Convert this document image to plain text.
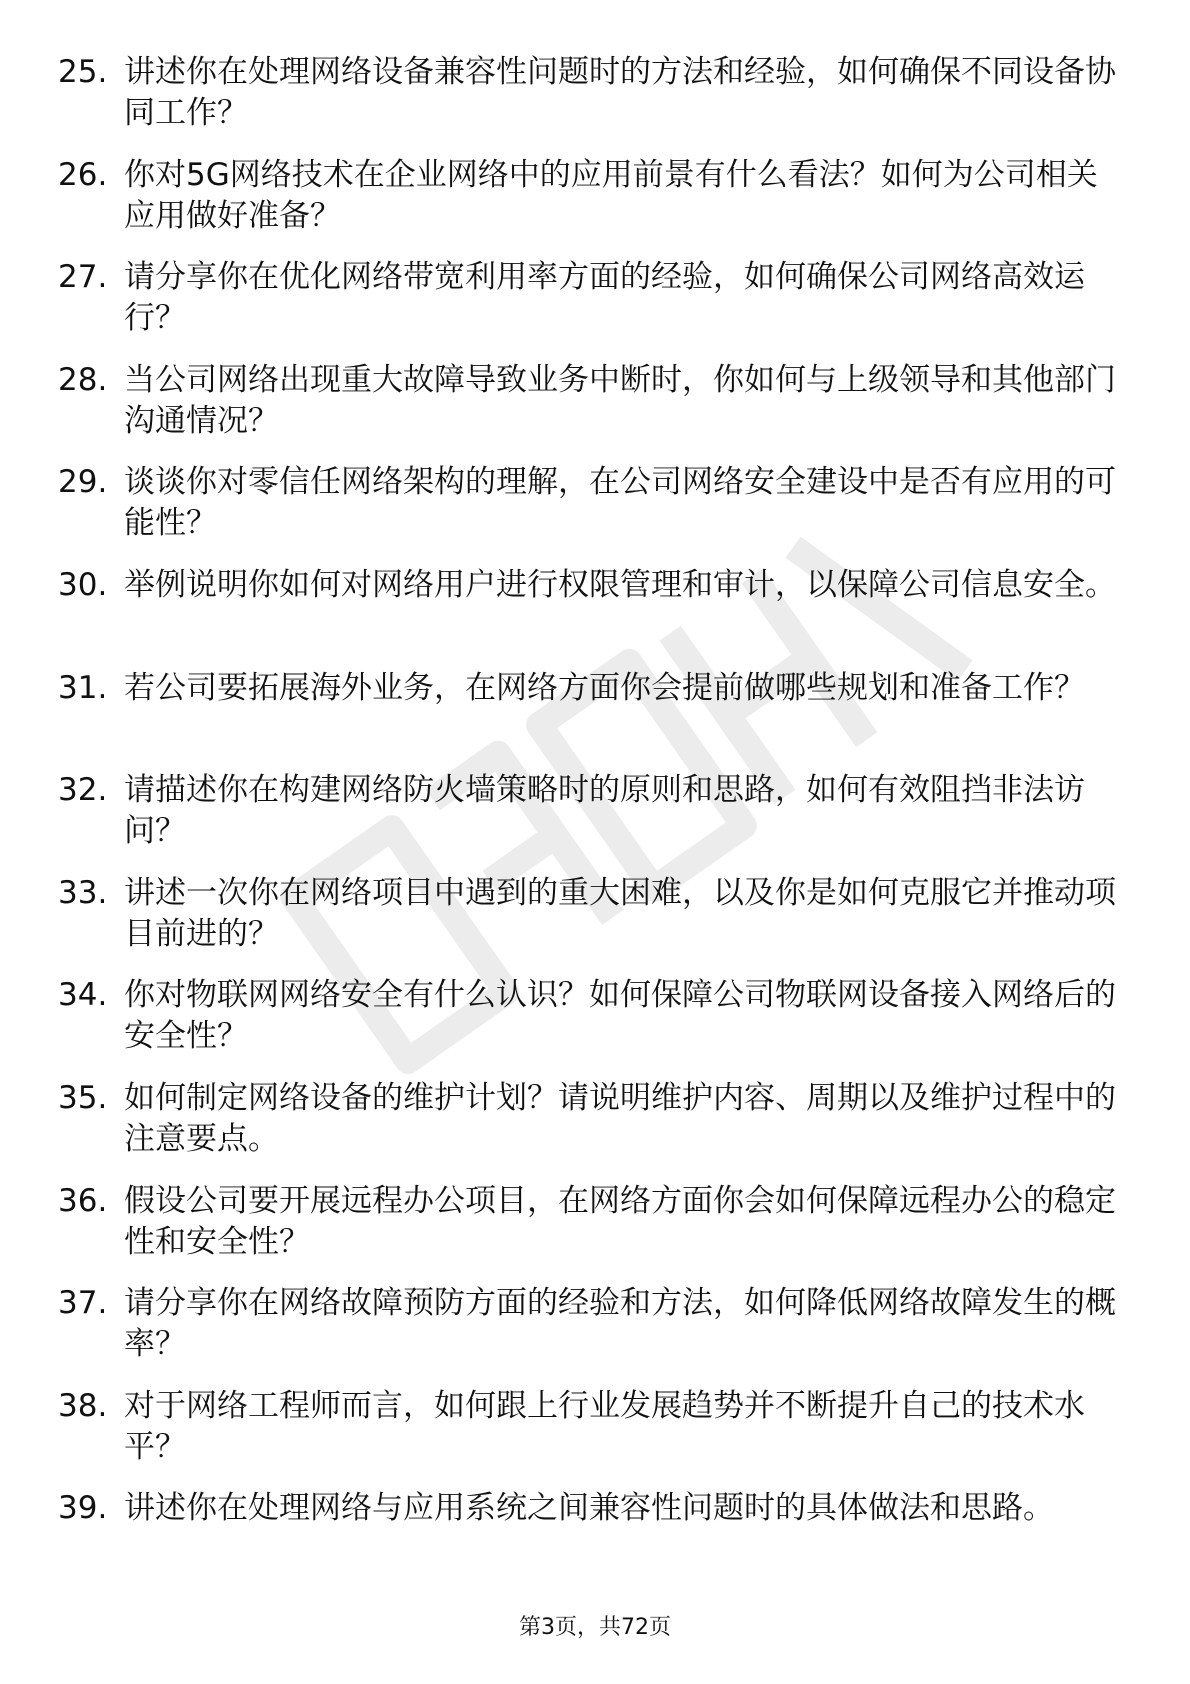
25. 讲述你在处理网络设备兼容性问题时的方法和经验，如何确保不同设备协同工作？
26. 你对5G网络技术在企业网络中的应用前景有什么看法？如何为公司相关应用做好准备？
27. 请分享你在优化网络带宽利用率方面的经验，如何确保公司网络高效运行？
28. 当公司网络出现重大故障导致业务中断时，你如何与上级领导和其他部门沟通情况？
29. 谈谈你对零信任网络架构的理解，在公司网络安全建设中是否有应用的可能性？
30. 举例说明你如何对网络用户进行权限管理和审计，以保障公司信息安全。
31. 若公司要拓展海外业务，在网络方面你会提前做哪些规划和准备工作？
32. 请描述你在构建网络防火墙策略时的原则和思路，如何有效阻挡非法访问？
33. 讲述一次你在网络项目中遇到的重大困难，以及你是如何克服它并推动项目前进的？
34. 你对物联网网络安全有什么认识？如何保障公司物联网设备接入网络后的安全性？
35. 如何制定网络设备的维护计划？请说明维护内容、周期以及维护过程中的注意要点。
36. 假设公司要开展远程办公项目，在网络方面你会如何保障远程办公的稳定性和安全性？
37. 请分享你在网络故障预防方面的经验和方法，如何降低网络故障发生的概率？
38. 对于网络工程师而言，如何跟上行业发展趋势并不断提升自己的技术水平？
39. 讲述你在处理网络与应用系统之间兼容性问题时的具体做法和思路。
第3页，共72页
